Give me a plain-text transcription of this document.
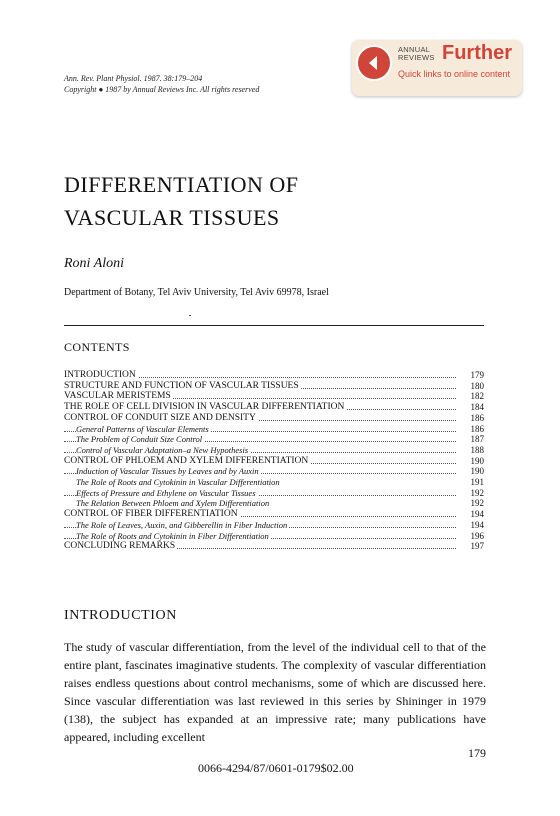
ANNUAL
REVIEWS Further
Quick links to online content
Ann. Rev. Plant Physiol. 1987. 38:179–204
Copyright ● 1987 by Annual Reviews Inc. All rights reserved
DIFFERENTIATION OF
VASCULAR TISSUES
Roni Aloni
Department of Botany, Tel Aviv University, Tel Aviv 69978, Israel
CONTENTS
INTRODUCTION	179
STRUCTURE AND FUNCTION OF VASCULAR TISSUES	180
VASCULAR MERISTEMS	182
THE ROLE OF CELL DIVISION IN VASCULAR DIFFERENTIATION	184
CONTROL OF CONDUIT SIZE AND DENSITY	186
General Patterns of Vascular Elements	186
The Problem of Conduit Size Control	187
Control of Vascular Adaptation–a New Hypothesis	188
CONTROL OF PHLOEM AND XYLEM DIFFERENTIATION	190
Induction of Vascular Tissues by Leaves and by Auxin	190
The Role of Roots and Cytokinin in Vascular Differentiation	191
Effects of Pressure and Ethylene on Vascular Tissues	192
The Relation Between Phloem and Xylem Differentiation	192
CONTROL OF FIBER DIFFERENTIATION	194
The Role of Leaves, Auxin, and Gibberellin in Fiber Induction	194
The Role of Roots and Cytokinin in Fiber Differentiation	196
CONCLUDING REMARKS	197
INTRODUCTION
The study of vascular differentiation, from the level of the individual cell to that of the entire plant, fascinates imaginative students. The complexity of vascular differentiation raises endless questions about control mechanisms, some of which are discussed here. Since vascular differentiation was last reviewed in this series by Shininger in 1979 (138), the subject has expanded at an impressive rate; many publications have appeared, including excellent
179
0066-4294/87/0601-0179$02.00
